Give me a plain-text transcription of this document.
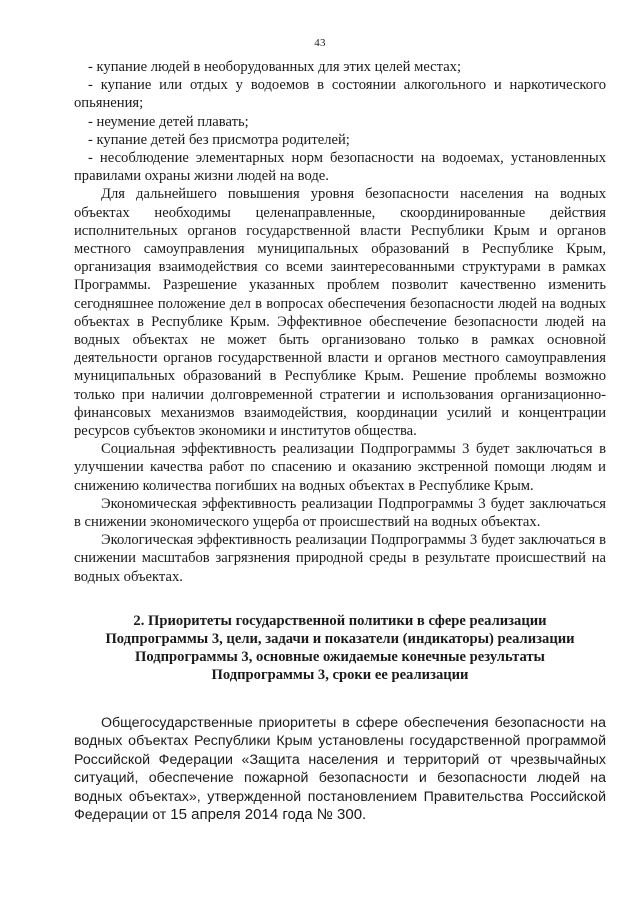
43

- купание людей в необорудованных для этих целей местах;

- купание или отдых у водоемов в состоянии алкогольного и наркотического опьянения;

- неумение детей плавать;

- купание детей без присмотра родителей;

- несоблюдение элементарных норм безопасности на водоемах, установленных правилами охраны жизни людей на воде.

Для дальнейшего повышения уровня безопасности населения на водных объектах необходимы целенаправленные, скоординированные действия исполнительных органов государственной власти Республики Крым и органов местного самоуправления муниципальных образований в Республике Крым, организация взаимодействия со всеми заинтересованными структурами в рамках Программы. Разрешение указанных проблем позволит качественно изменить сегодняшнее положение дел в вопросах обеспечения безопасности людей на водных объектах в Республике Крым. Эффективное обеспечение безопасности людей на водных объектах не может быть организовано только в рамках основной деятельности органов государственной власти и органов местного самоуправления муниципальных образований в Республике Крым. Решение проблемы возможно только при наличии долговременной стратегии и использования организационно-финансовых механизмов взаимодействия, координации усилий и концентрации ресурсов субъектов экономики и институтов общества.

Социальная эффективность реализации Подпрограммы 3 будет заключаться в улучшении качества работ по спасению и оказанию экстренной помощи людям и снижению количества погибших на водных объектах в Республике Крым.

Экономическая эффективность реализации Подпрограммы 3 будет заключаться в снижении экономического ущерба от происшествий на водных объектах.

Экологическая эффективность реализации Подпрограммы 3 будет заключаться в снижении масштабов загрязнения природной среды в результате происшествий на водных объектах.

2. Приоритеты государственной политики в сфере реализации
Подпрограммы 3, цели, задачи и показатели (индикаторы) реализации
Подпрограммы 3, основные ожидаемые конечные результаты
Подпрограммы 3, сроки ее реализации

Общегосударственные приоритеты в сфере обеспечения безопасности на водных объектах Республики Крым установлены государственной программой Российской Федерации «Защита населения и территорий от чрезвычайных ситуаций, обеспечение пожарной безопасности и безопасности людей на водных объектах», утвержденной постановлением Правительства Российской Федерации от 15 апреля 2014 года № 300.
